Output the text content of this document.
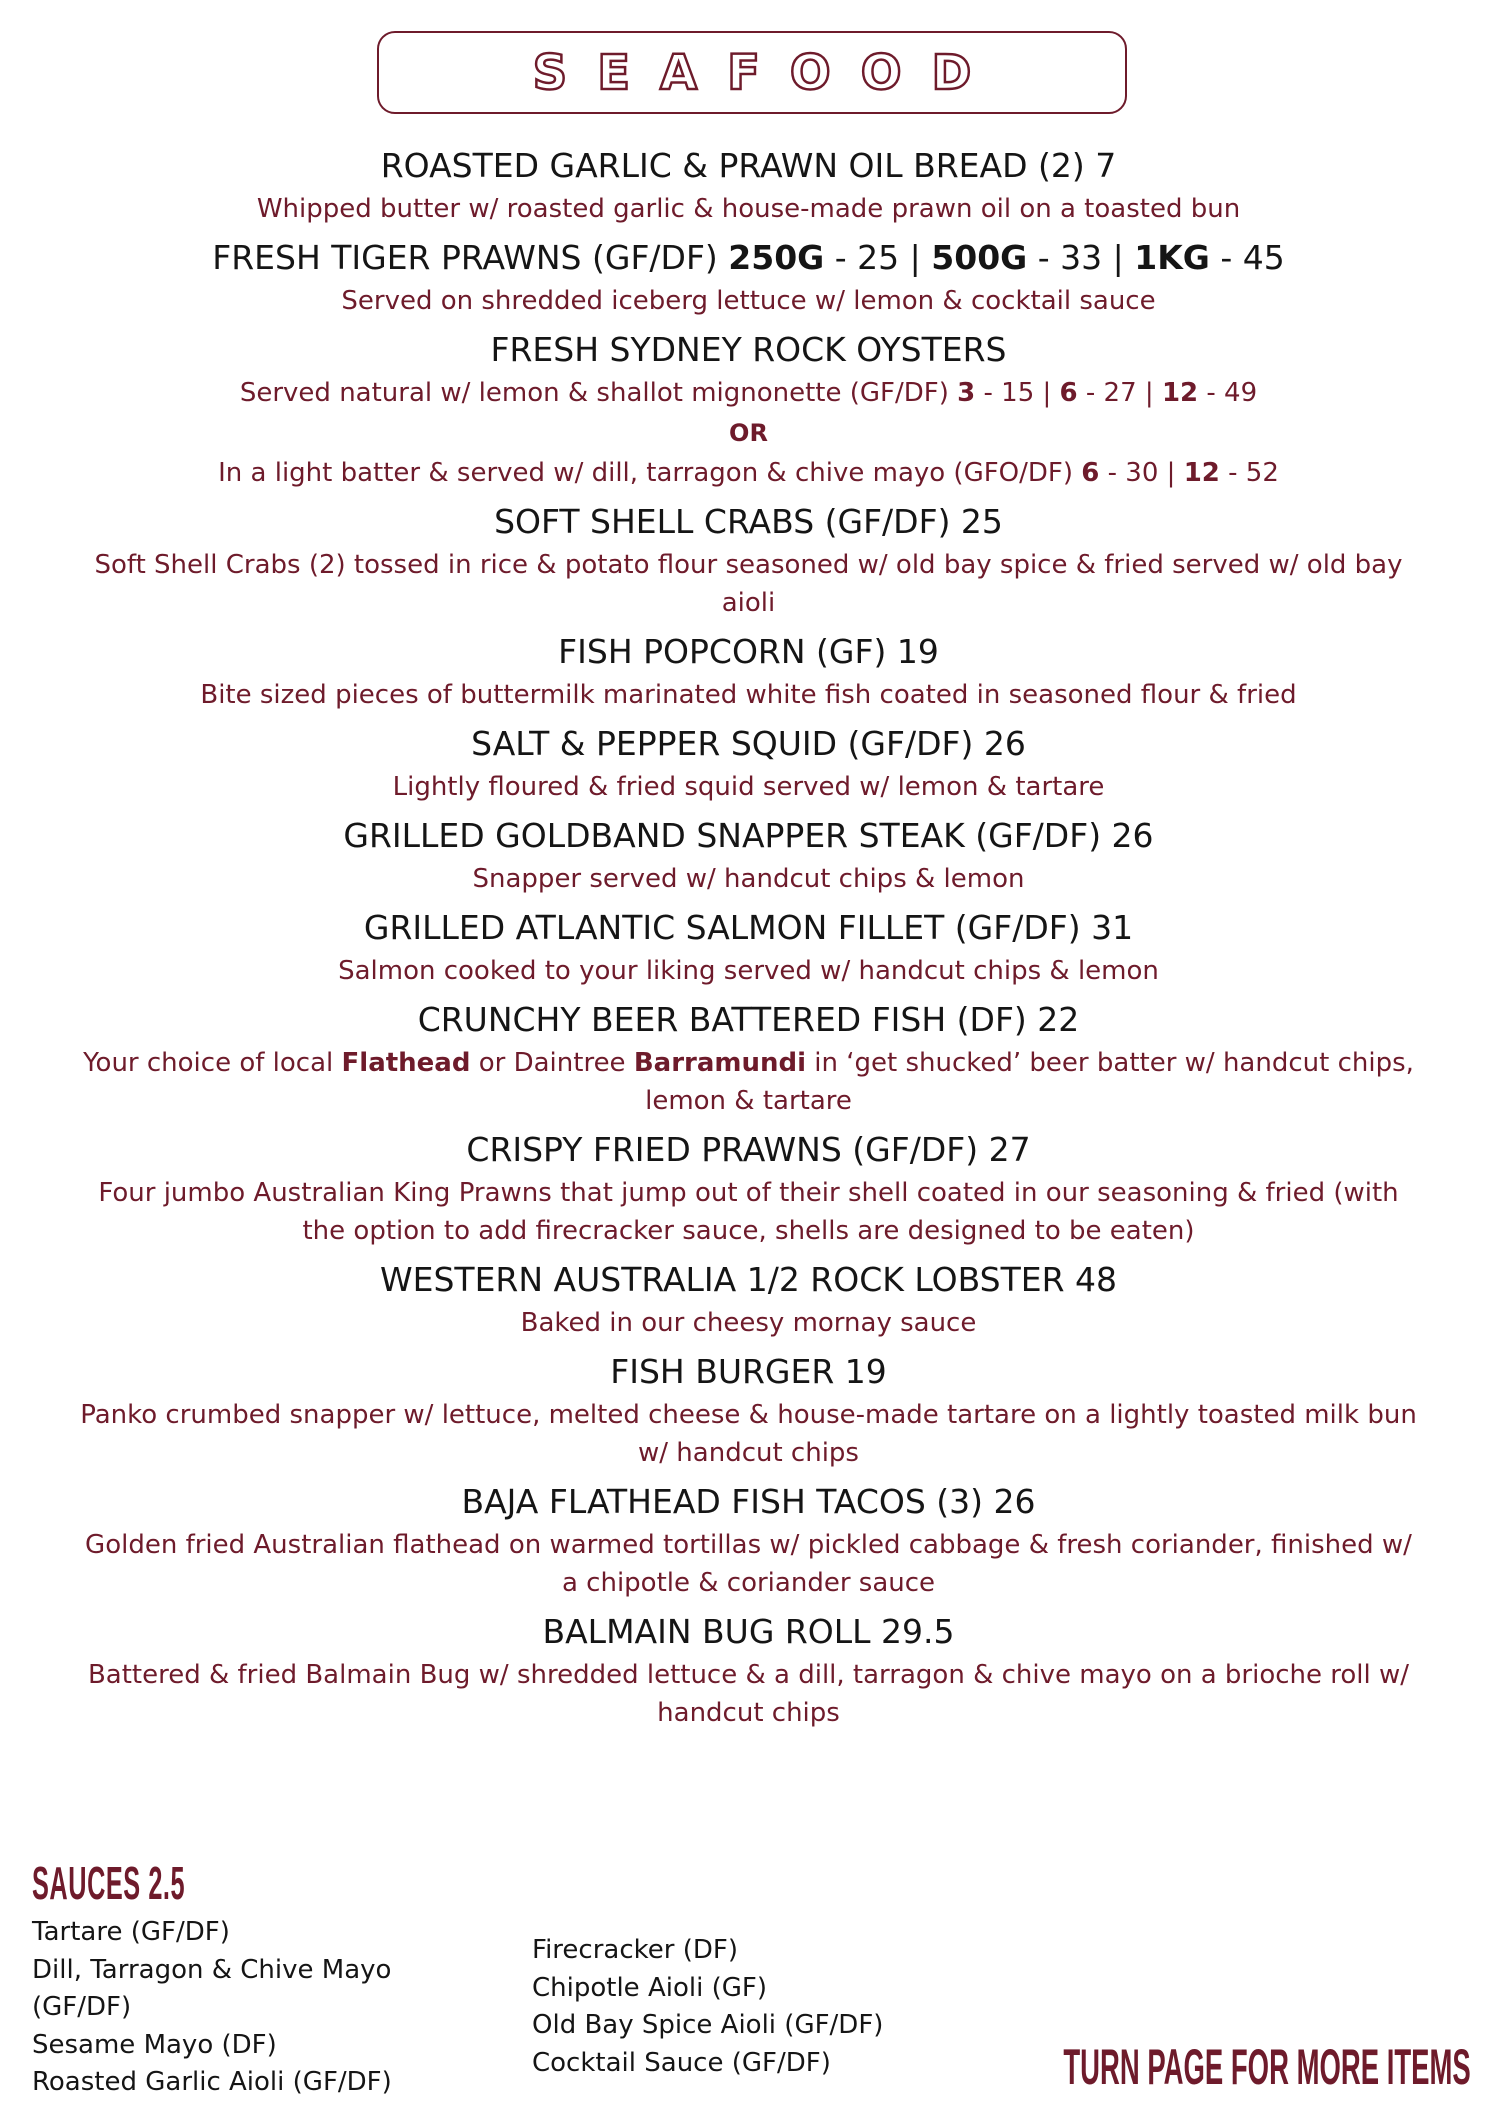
SEAFOOD

ROASTED GARLIC & PRAWN OIL BREAD (2) 7

Whipped butter w/ roasted garlic & house-made prawn oil on a toasted bun

FRESH TIGER PRAWNS (GF/DF) 250G - 25 | 500G - 33 | 1KG - 45

Served on shredded iceberg lettuce w/ lemon & cocktail sauce

FRESH SYDNEY ROCK OYSTERS

Served natural w/ lemon & shallot mignonette (GF/DF) 3 - 15 | 6 - 27 | 12 - 49

OR

In a light batter & served w/ dill, tarragon & chive mayo (GFO/DF) 6 - 30 | 12 - 52

SOFT SHELL CRABS (GF/DF) 25

Soft Shell Crabs (2) tossed in rice & potato flour seasoned w/ old bay spice & fried served w/ old bay aioli

FISH POPCORN (GF) 19

Bite sized pieces of buttermilk marinated white fish coated in seasoned flour & fried

SALT & PEPPER SQUID (GF/DF) 26

Lightly floured & fried squid served w/ lemon & tartare

GRILLED GOLDBAND SNAPPER STEAK (GF/DF) 26

Snapper served w/ handcut chips & lemon

GRILLED ATLANTIC SALMON FILLET (GF/DF) 31

Salmon cooked to your liking served w/ handcut chips & lemon

CRUNCHY BEER BATTERED FISH (DF) 22

Your choice of local Flathead or Daintree Barramundi in ‘get shucked’ beer batter w/ handcut chips, lemon & tartare

CRISPY FRIED PRAWNS (GF/DF) 27

Four jumbo Australian King Prawns that jump out of their shell coated in our seasoning & fried (with the option to add firecracker sauce, shells are designed to be eaten)

WESTERN AUSTRALIA 1/2 ROCK LOBSTER 48

Baked in our cheesy mornay sauce

FISH BURGER 19

Panko crumbed snapper w/ lettuce, melted cheese & house-made tartare on a lightly toasted milk bun w/ handcut chips

BAJA FLATHEAD FISH TACOS (3) 26

Golden fried Australian flathead on warmed tortillas w/ pickled cabbage & fresh coriander, finished w/ a chipotle & coriander sauce

BALMAIN BUG ROLL 29.5

Battered & fried Balmain Bug w/ shredded lettuce & a dill, tarragon & chive mayo on a brioche roll w/ handcut chips

SAUCES 2.5
Tartare (GF/DF)
Dill, Tarragon & Chive Mayo
(GF/DF)
Sesame Mayo (DF)
Roasted Garlic Aioli (GF/DF)
Firecracker (DF)
Chipotle Aioli (GF)
Old Bay Spice Aioli (GF/DF)
Cocktail Sauce (GF/DF)	TURN PAGE FOR MORE ITEMS
